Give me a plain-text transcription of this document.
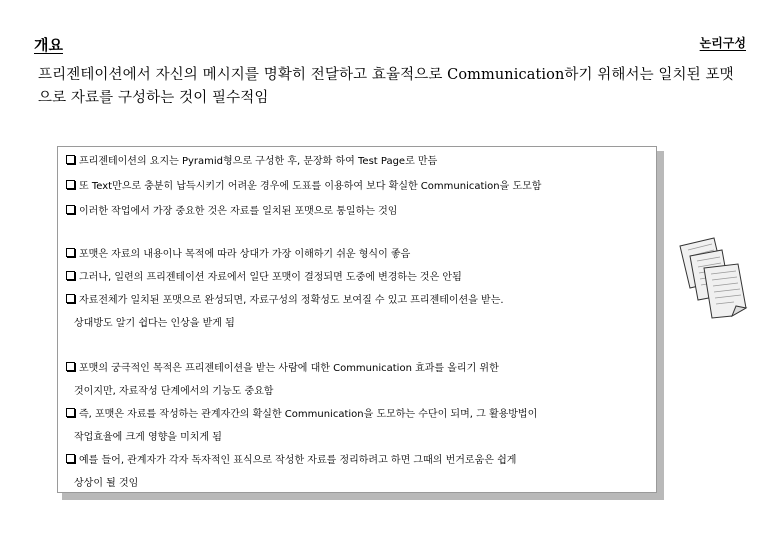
개요	논리구성
프리젠테이션에서 자신의 메시지를 명확히 전달하고 효율적으로 Communication하기 위해서는 일치된 포맷으로 자료를 구성하는 것이 필수적임
프리젠테이션의 요지는 Pyramid형으로 구성한 후, 문장화 하여 Test Page로 만듬
또 Text만으로 충분히 납득시키기 어려운 경우에 도표를 이용하여 보다 확실한 Communication을 도모함
이러한 작업에서 가장 중요한 것은 자료를 일치된 포맷으로 통일하는 것임
포맷은 자료의 내용이나 목적에 따라 상대가 가장 이해하기 쉬운 형식이 좋음
그러나, 일련의 프리젠테이션 자료에서 일단 포맷이 결정되면 도중에 변경하는 것은 안됨
자료전체가 일치된 포맷으로 완성되면, 자료구성의 정확성도 보여질 수 있고 프리젠테이션을 받는.
상대방도 알기 쉽다는 인상을 받게 됨
포맷의 궁극적인 목적은 프리젠테이션을 받는 사람에 대한 Communication 효과를 올리기 위한
것이지만, 자료작성 단계에서의 기능도 중요함
즉, 포맷은 자료를 작성하는 관계자간의 확실한 Communication을 도모하는 수단이 되며, 그 활용방법이
작업효율에 크게 영향을 미치게 됨
예를 들어, 관계자가 각자 독자적인 표식으로 작성한 자료를 정리하려고 하면 그때의 번거로움은 쉽게
상상이 될 것임
